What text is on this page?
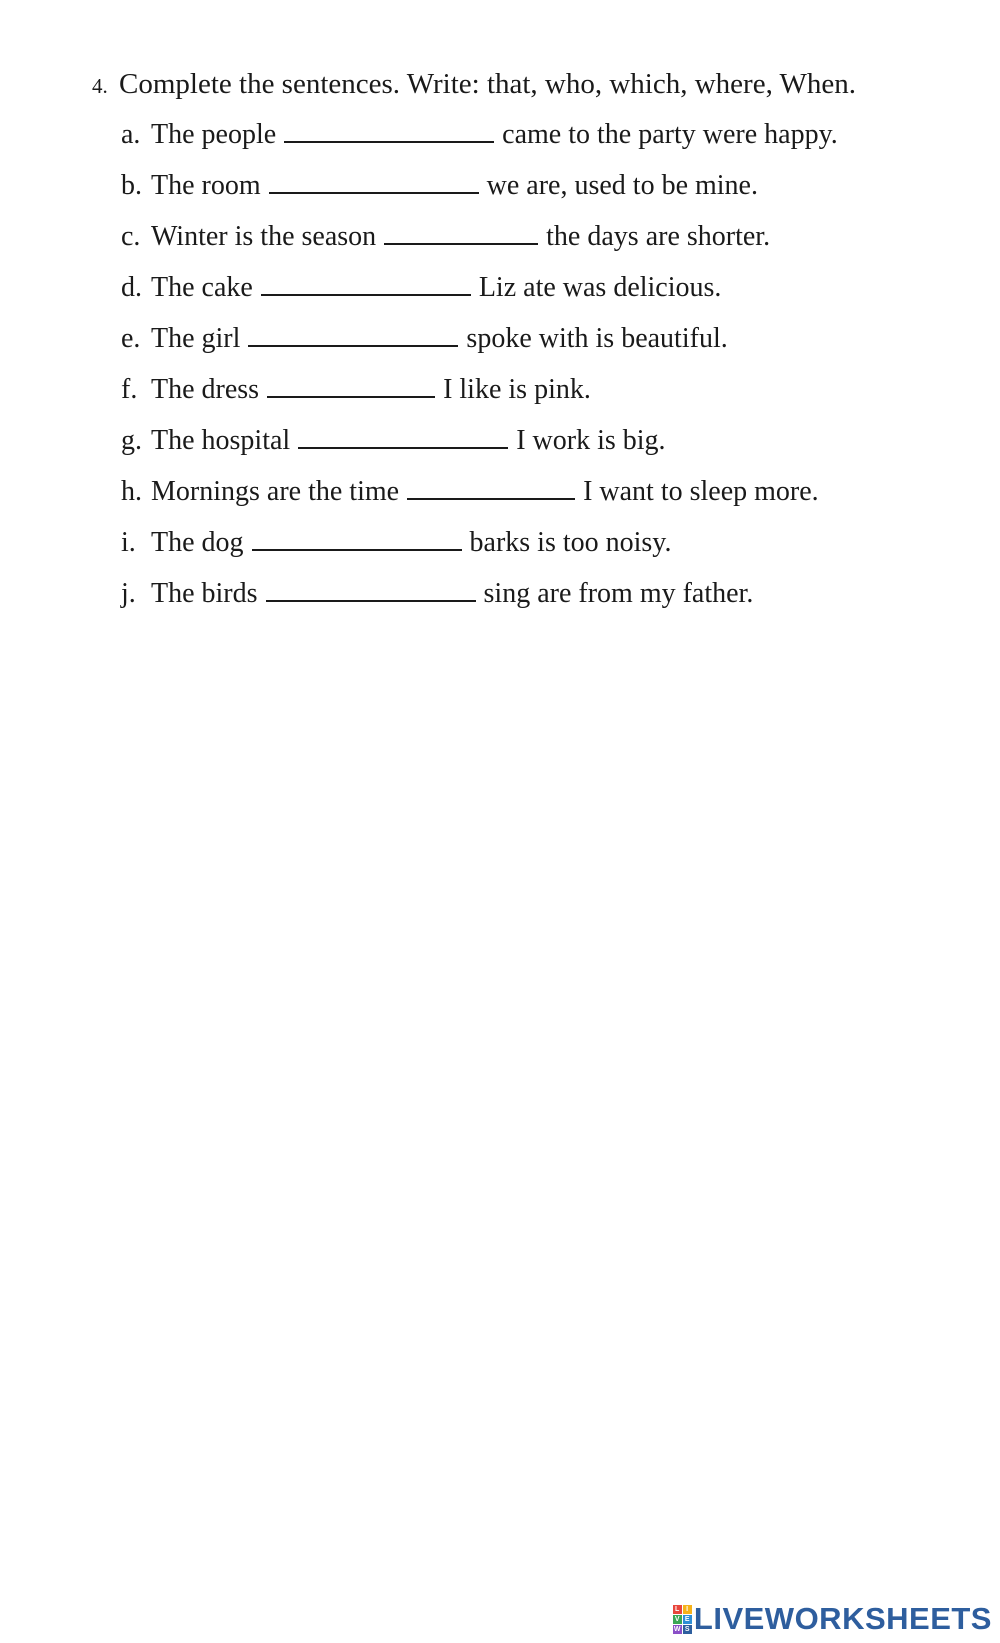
4. Complete the sentences. Write: that, who, which, where, When.
a. The people	came to the party were happy.
b. The room	we are, used to be mine.
c. Winter is the season	the days are shorter.
d. The cake	Liz ate was delicious.
e. The girl	spoke with is beautiful.
f. The dress	I like is pink.
g. The hospital	I work is big.
h. Mornings are the time	I want to sleep more.
i. The dog	barks is too noisy.
j. The birds	sing are from my father.
L I
V E
W S LIVEWORKSHEETS
